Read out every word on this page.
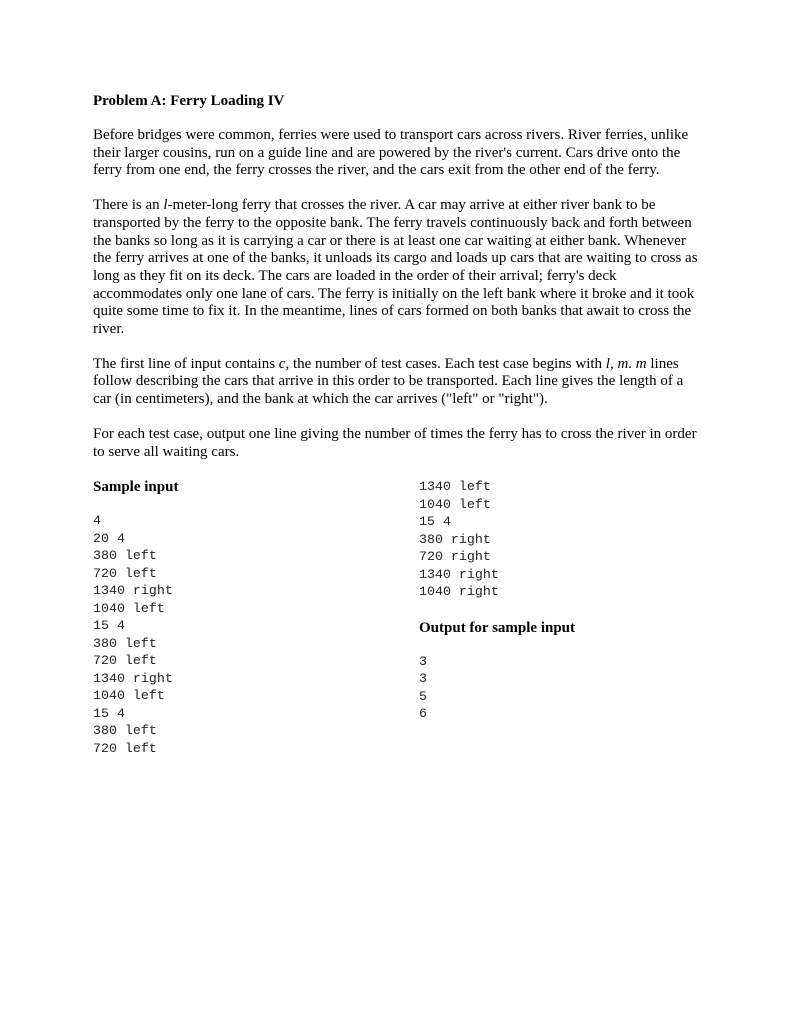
Problem A: Ferry Loading IV

Before bridges were common, ferries were used to transport cars across rivers. River ferries, unlike their larger cousins, run on a guide line and are powered by the river's current. Cars drive onto the ferry from one end, the ferry crosses the river, and the cars exit from the other end of the ferry.

There is an l-meter-long ferry that crosses the river. A car may arrive at either river bank to be transported by the ferry to the opposite bank. The ferry travels continuously back and forth between the banks so long as it is carrying a car or there is at least one car waiting at either bank. Whenever the ferry arrives at one of the banks, it unloads its cargo and loads up cars that are waiting to cross as long as they fit on its deck. The cars are loaded in the order of their arrival; ferry's deck accommodates only one lane of cars. The ferry is initially on the left bank where it broke and it took quite some time to fix it. In the meantime, lines of cars formed on both banks that await to cross the river.

The first line of input contains c, the number of test cases. Each test case begins with l, m. m lines follow describing the cars that arrive in this order to be transported. Each line gives the length of a car (in centimeters), and the bank at which the car arrives ("left" or "right").

For each test case, output one line giving the number of times the ferry has to cross the river in order to serve all waiting cars.

Sample input
4
20 4
380 left
720 left
1340 right
1040 left
15 4
380 left
720 left
1340 right
1040 left
15 4
380 left
720 left
1340 left
1040 left
15 4
380 right
720 right
1340 right
1040 right
Output for sample input
3
3
5
6
